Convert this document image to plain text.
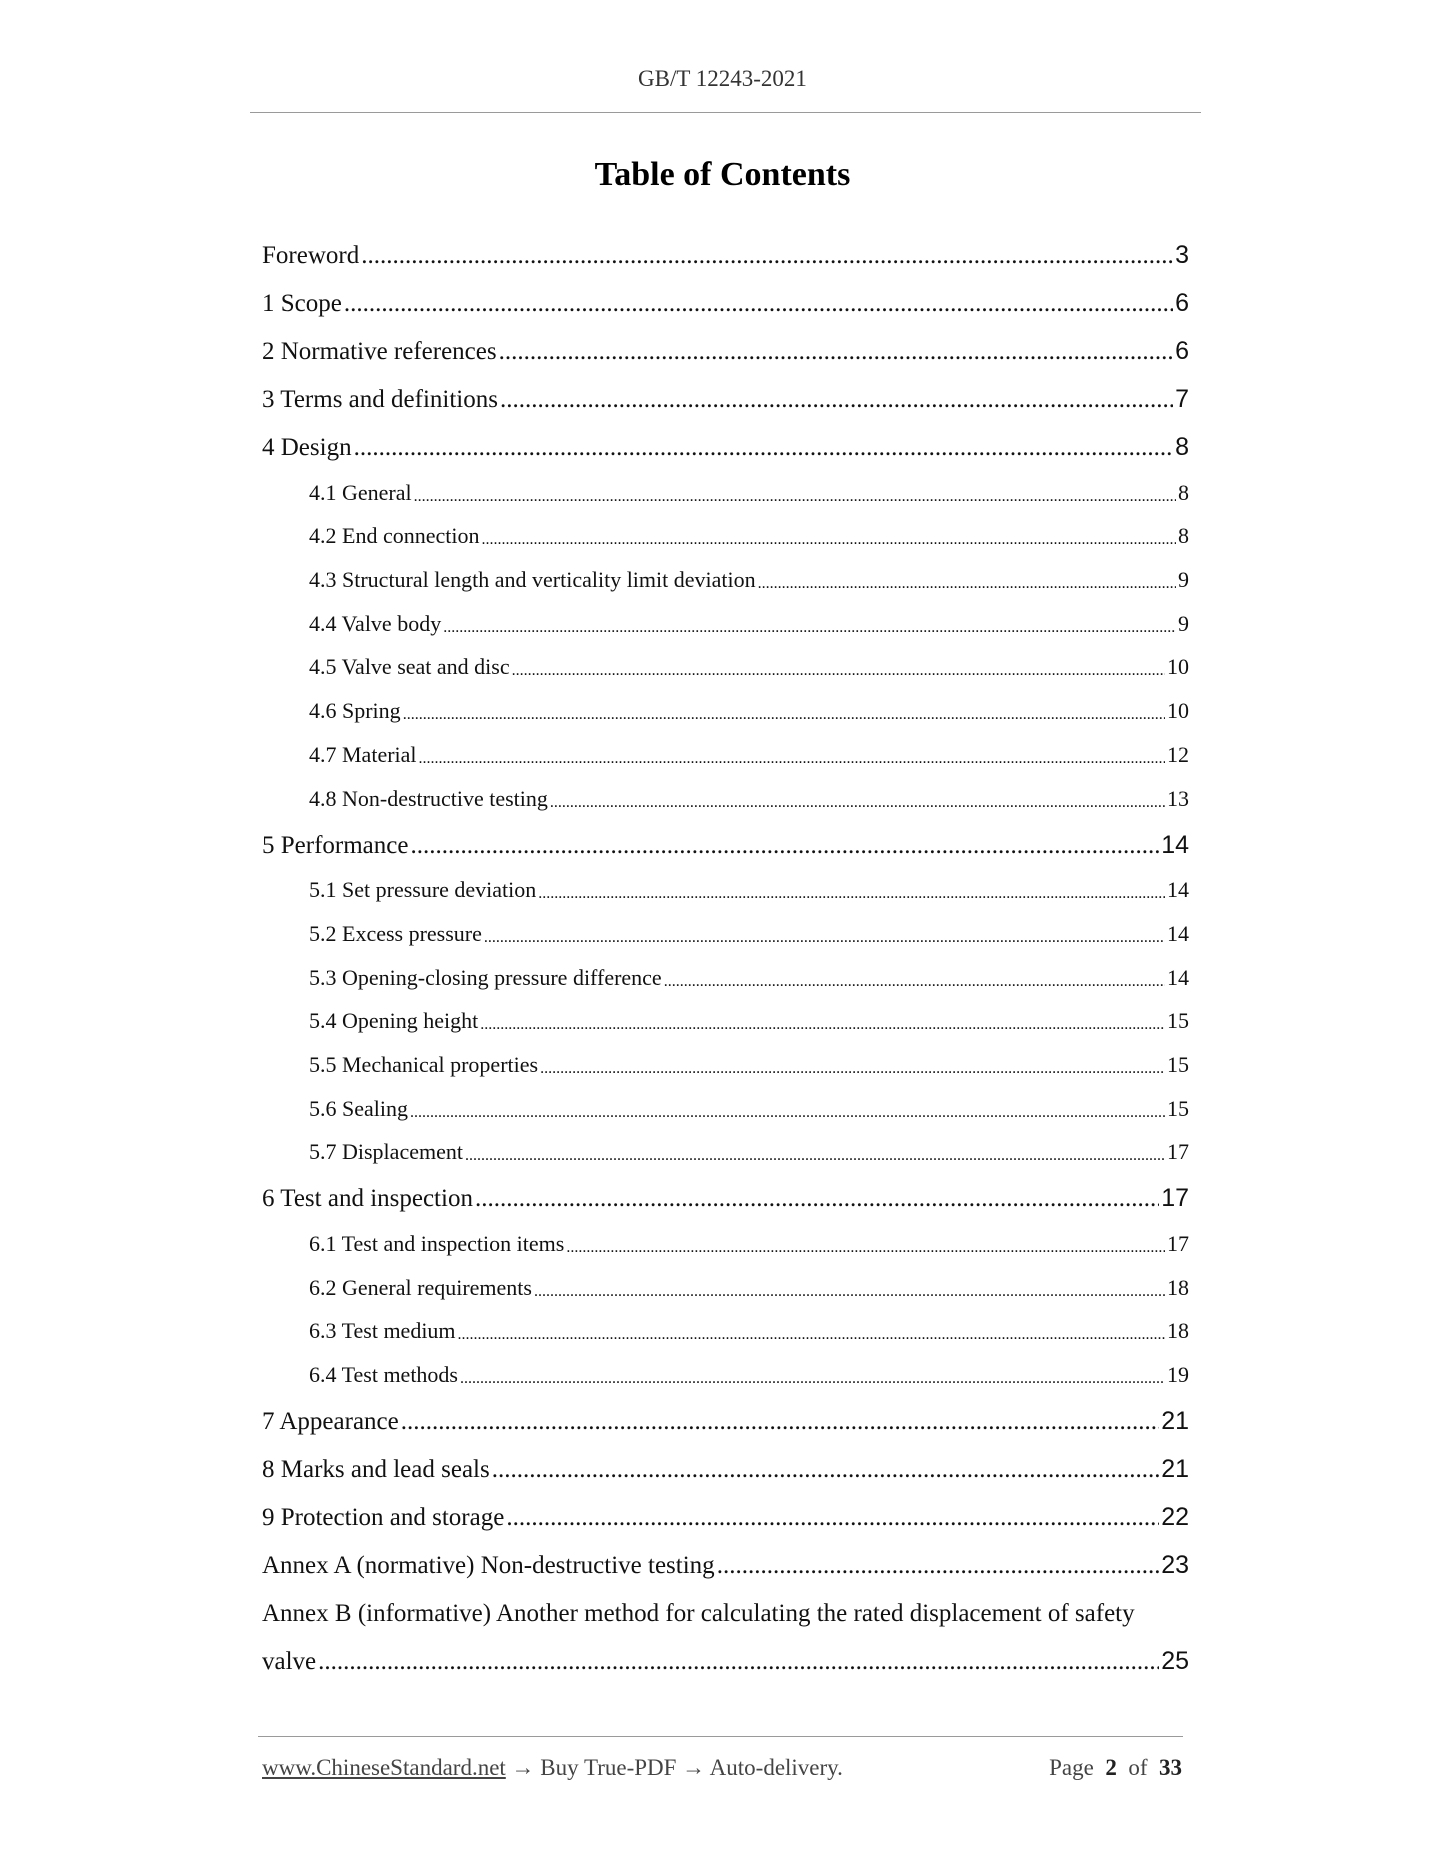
GB/T 12243-2021
Table of Contents
Foreword .....	3
1 Scope .....	6
2 Normative references .....	6
3 Terms and definitions .....	7
4 Design .....	8
4.1 General .....	8
4.2 End connection .....	8
4.3 Structural length and verticality limit deviation .....	9
4.4 Valve body .....	9
4.5 Valve seat and disc .....	10
4.6 Spring .....	10
4.7 Material .....	12
4.8 Non-destructive testing .....	13
5 Performance .....	14
5.1 Set pressure deviation .....	14
5.2 Excess pressure .....	14
5.3 Opening-closing pressure difference .....	14
5.4 Opening height .....	15
5.5 Mechanical properties .....	15
5.6 Sealing .....	15
5.7 Displacement .....	17
6 Test and inspection .....	17
6.1 Test and inspection items .....	17
6.2 General requirements .....	18
6.3 Test medium .....	18
6.4 Test methods .....	19
7 Appearance .....	21
8 Marks and lead seals .....	21
9 Protection and storage .....	22
Annex A (normative) Non-destructive testing .....	23
Annex B (informative) Another method for calculating the rated displacement of safety
valve .....	25
www.ChineseStandard.net → Buy True-PDF → Auto-delivery.	Page 2 of 33
